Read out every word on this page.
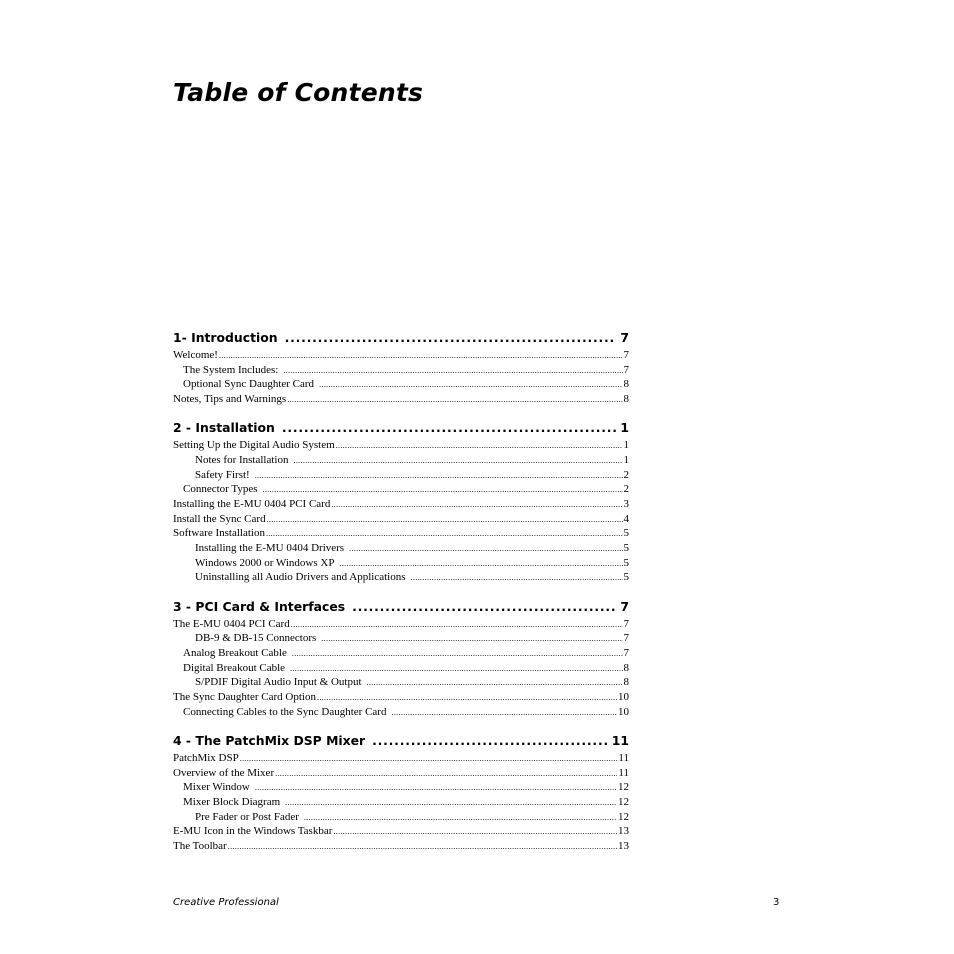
Table of Contents
1- Introduction .....	7
Welcome! .....	7
The System Includes: .....	7
Optional Sync Daughter Card .....	8
Notes, Tips and Warnings .....	8
2 - Installation .....	1
Setting Up the Digital Audio System .....	1
Notes for Installation .....	1
Safety First! .....	2
Connector Types .....	2
Installing the E-MU 0404 PCI Card .....	3
Install the Sync Card .....	4
Software Installation .....	5
Installing the E-MU 0404 Drivers .....	5
Windows 2000 or Windows XP .....	5
Uninstalling all Audio Drivers and Applications .....	5
3 - PCI Card & Interfaces .....	7
The E-MU 0404 PCI Card .....	7
DB-9 & DB-15 Connectors .....	7
Analog Breakout Cable .....	7
Digital Breakout Cable .....	8
S/PDIF Digital Audio Input & Output .....	8
The Sync Daughter Card Option .....	10
Connecting Cables to the Sync Daughter Card .....	10
4 - The PatchMix DSP Mixer .....	11
PatchMix DSP .....	11
Overview of the Mixer .....	11
Mixer Window .....	12
Mixer Block Diagram .....	12
Pre Fader or Post Fader .....	12
E-MU Icon in the Windows Taskbar .....	13
The Toolbar .....	13
Creative Professional	3
